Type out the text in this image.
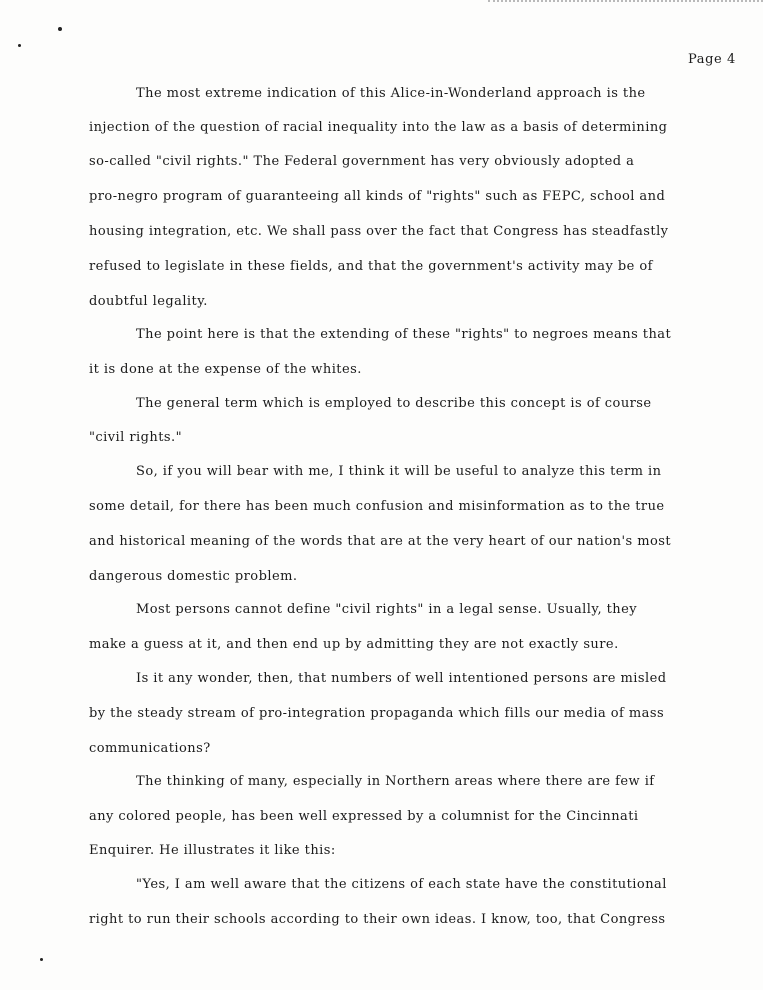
Page 4
The most extreme indication of this Alice-in-Wonderland approach is the
injection of the question of racial inequality into the law as a basis of determining
so-called "civil rights." The Federal government has very obviously adopted a
pro-negro program of guaranteeing all kinds of "rights" such as FEPC, school and
housing integration, etc. We shall pass over the fact that Congress has steadfastly
refused to legislate in these fields, and that the government's activity may be of
doubtful legality.
The point here is that the extending of these "rights" to negroes means that
it is done at the expense of the whites.
The general term which is employed to describe this concept is of course
"civil rights."
So, if you will bear with me, I think it will be useful to analyze this term in
some detail, for there has been much confusion and misinformation as to the true
and historical meaning of the words that are at the very heart of our nation's most
dangerous domestic problem.
Most persons cannot define "civil rights" in a legal sense. Usually, they
make a guess at it, and then end up by admitting they are not exactly sure.
Is it any wonder, then, that numbers of well intentioned persons are misled
by the steady stream of pro-integration propaganda which fills our media of mass
communications?
The thinking of many, especially in Northern areas where there are few if
any colored people, has been well expressed by a columnist for the Cincinnati
Enquirer. He illustrates it like this:
"Yes, I am well aware that the citizens of each state have the constitutional
right to run their schools according to their own ideas. I know, too, that Congress
